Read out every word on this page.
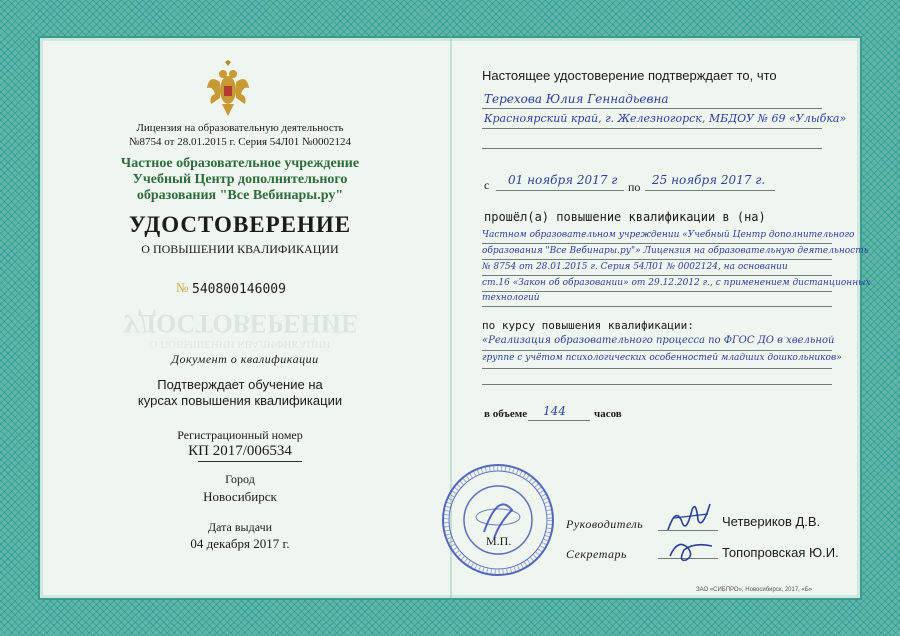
Лицензия на образовательную деятельность
№8754 от 28.01.2015 г. Серия 54Л01 №0002124
Частное образовательное учреждение
Учебный Центр дополнительного
образования "Все Вебинары.ру"
УДОСТОВЕРЕНИЕ
О ПОВЫШЕНИИ КВАЛИФИКАЦИИ
№ 540800146009
УДОСТОВЕРЕНИЕ
О ПОВЫШЕНИИ КВАЛИФИКАЦИИ
Документ о квалификации
Подтверждает обучение на
курсах повышения квалификации
Регистрационный номер
КП 2017/006534
Город
Новосибирск
Дата выдачи
04 декабря 2017 г.
Настоящее удостоверение подтверждает то, что
Терехова Юлия Геннадьевна
Красноярский край, г. Железногорск, МБДОУ № 69 «Улыбка»
с 01 ноября 2017 г по 25 ноября 2017 г.
прошёл(а) повышение квалификации в (на)
Частном образовательном учреждении «Учебный Центр дополнительного
образования "Все Вебинары.ру"» Лицензия на образовательную деятельность
№ 8754 от 28.01.2015 г. Серия 54Л01 № 0002124, на основании
ст.16 «Закон об образовании» от 29.12.2012 г., с применением дистанционных
технологий
по курсу повышения квалификации:
«Реализация образовательного процесса по ФГОС ДО в хвельной
группе с учётом психологических особенностей младших дошкольников»
в объеме 144	часов
М.П.
Руководитель	Четвериков Д.В.
Секретарь	Топопровская Ю.И.
ЗАО «СИБПРО», Новосибирск, 2017, «Б»
